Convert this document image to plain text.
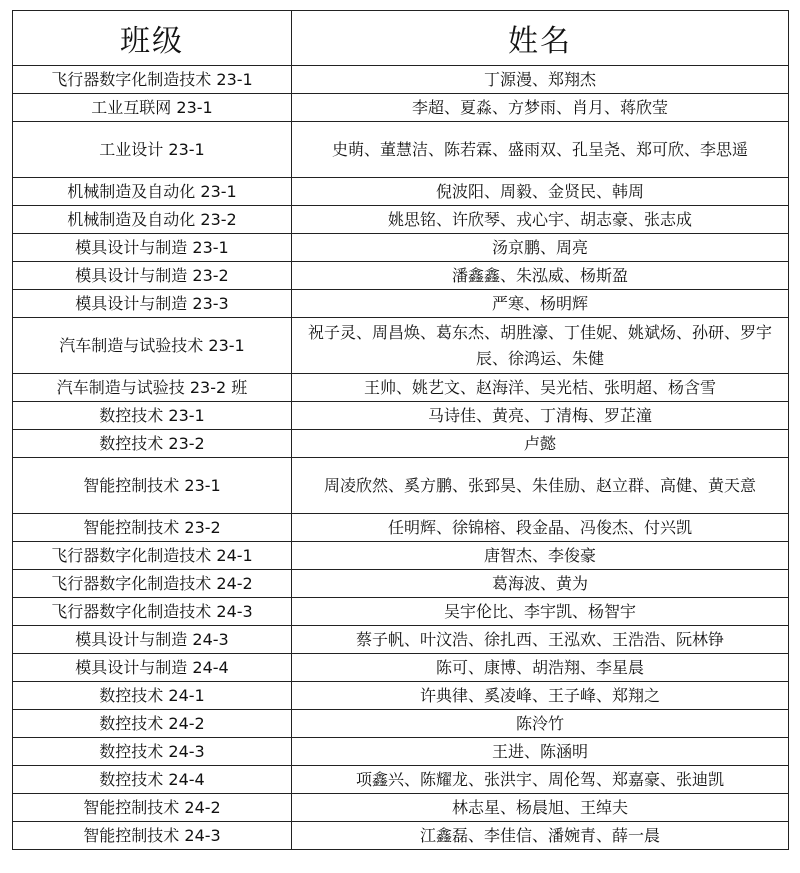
班级	姓名
飞行器数字化制造技术 23-1	丁源漫、郑翔杰
工业互联网 23-1	李超、夏淼、方梦雨、肖月、蒋欣莹
工业设计 23-1	史萌、董慧洁、陈若霖、盛雨双、孔呈尧、郑可欣、李思遥
机械制造及自动化 23-1	倪波阳、周毅、金贤民、韩周
机械制造及自动化 23-2	姚思铭、许欣琴、戎心宇、胡志豪、张志成
模具设计与制造 23-1	汤京鹏、周亮
模具设计与制造 23-2	潘鑫鑫、朱泓威、杨斯盈
模具设计与制造 23-3	严寒、杨明辉
汽车制造与试验技术 23-1	祝子灵、周昌焕、葛东杰、胡胜濠、丁佳妮、姚斌炀、孙研、罗宇辰、徐鸿运、朱健
汽车制造与试验技 23-2 班	王帅、姚艺文、赵海洋、吴光桔、张明超、杨含雪
数控技术 23-1	马诗佳、黄亮、丁清梅、罗芷潼
数控技术 23-2	卢懿
智能控制技术 23-1	周凌欣然、奚方鹏、张郅昊、朱佳励、赵立群、高健、黄天意
智能控制技术 23-2	任明辉、徐锦榕、段金晶、冯俊杰、付兴凯
飞行器数字化制造技术 24-1	唐智杰、李俊豪
飞行器数字化制造技术 24-2	葛海波、黄为
飞行器数字化制造技术 24-3	吴宇伦比、李宇凯、杨智宇
模具设计与制造 24-3	蔡子帆、叶汶浩、徐扎西、王泓欢、王浩浩、阮林铮
模具设计与制造 24-4	陈可、康博、胡浩翔、李星晨
数控技术 24-1	许典律、奚凌峰、王子峰、郑翔之
数控技术 24-2	陈泠竹
数控技术 24-3	王进、陈涵明
数控技术 24-4	项鑫兴、陈耀龙、张洪宇、周伦驾、郑嘉豪、张迪凯
智能控制技术 24-2	林志星、杨晨旭、王绰夫
智能控制技术 24-3	江鑫磊、李佳信、潘婉青、薛一晨
